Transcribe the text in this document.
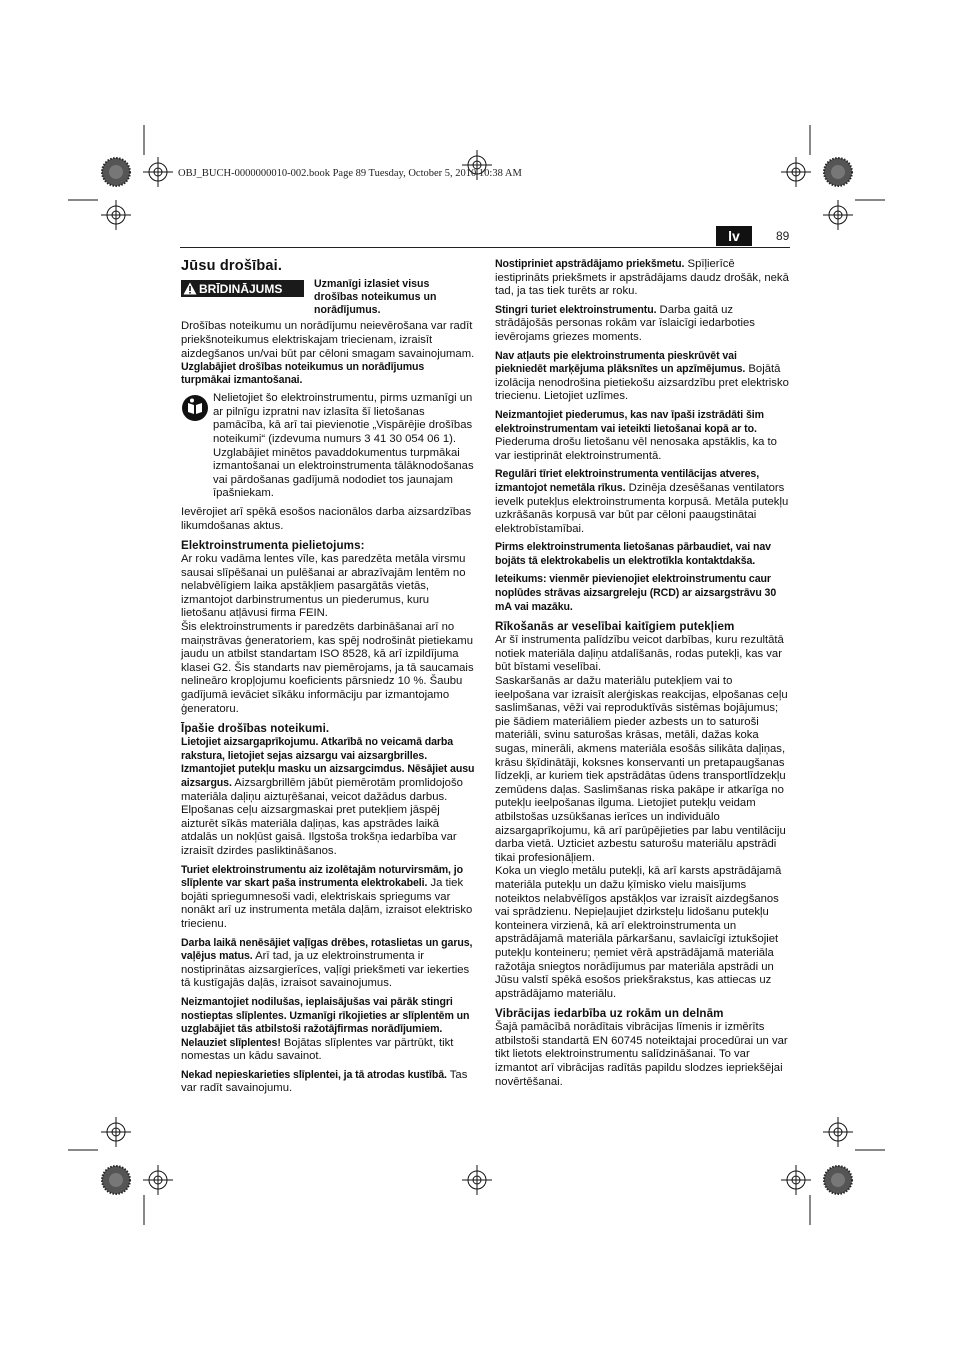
OBJ_BUCH-0000000010-002.book Page 89 Tuesday, October 5, 2010 10:38 AM
lv	89
Jūsu drošībai.
BRĪDINĀJUMS	Uzmanīgi izlasiet visus drošības noteikumus un norādījumus.

Drošības noteikumu un norādījumu neievērošana var radīt priekšnoteikumus elektriskajam triecienam, izraisīt aizdegšanos un/vai būt par cēloni smagam savainojumam.

Uzglabājiet drošības noteikumus un norādījumus turpmākai izmantošanai.

Nelietojiet šo elektroinstrumentu, pirms uzmanīgi un ar pilnīgu izpratni nav izlasīta šī lietošanas pamācība, kā arī tai pievienotie „Vispārējie drošības noteikumi“ (izdevuma numurs 3 41 30 054 06 1). Uzglabājiet minētos pavaddokumentus turpmākai izmantošanai un elektroinstrumenta tālāknodošanas vai pārdošanas gadījumā nododiet tos jaunajam īpašniekam.

Ievērojiet arī spēkā esošos nacionālos darba aizsardzības likumdošanas aktus.

Elektroinstrumenta pielietojums:

Ar roku vadāma lentes vīle, kas paredzēta metāla virsmu sausai slīpēšanai un pulēšanai ar abrazīvajām lentēm no nelabvēlīgiem laika apstākļiem pasargātās vietās, izmantojot darbinstrumentus un piederumus, kuru lietošanu atļāvusi firma FEIN.

Šis elektroinstruments ir paredzēts darbināšanai arī no maiņstrāvas ģeneratoriem, kas spēj nodrošināt pietiekamu jaudu un atbilst standartam ISO 8528, kā arī izpildījuma klasei G2. Šis standarts nav piemērojams, ja tā saucamais nelineāro kropļojumu koeficients pārsniedz 10 %. Šaubu gadījumā ievāciet sīkāku informāciju par izmantojamo ģeneratoru.

Īpašie drošības noteikumi.

Lietojiet aizsargaprīkojumu. Atkarībā no veicamā darba rakstura, lietojiet sejas aizsargu vai aizsargbrilles. Izmantojiet putekļu masku un aizsargcimdus. Nēsājiet ausu aizsargus. Aizsargbrillēm jābūt piemērotām promlidojošo materiāla daļiņu aiztuŗēšanai, veicot dažādus darbus. Elpošanas ceļu aizsargmaskai pret putekļiem jāspēj aizturēt sīkās materiāla daļiņas, kas apstrādes laikā atdalās un nokļūst gaisā. Ilgstoša trokšņa iedarbība var izraisīt dzirdes pasliktināšanos.

Turiet elektroinstrumentu aiz izolētajām noturvirsmām, jo slīplente var skart paša instrumenta elektrokabeli. Ja tiek bojāti spriegumnesoši vadi, elektriskais spriegums var nonākt arī uz instrumenta metāla daļām, izraisot elektrisko triecienu.

Darba laikā nenēsājiet vaļīgas drēbes, rotaslietas un garus, vaļējus matus. Arī tad, ja uz elektroinstrumenta ir nostiprinātas aizsargierīces, vaļīgi priekšmeti var iekerties tā kustīgajās daļās, izraisot savainojumus.

Neizmantojiet nodilušas, ieplaisājušas vai pārāk stingri nostieptas slīplentes. Uzmanīgi rīkojieties ar slīplentēm un uzglabājiet tās atbilstoši ražotājfirmas norādījumiem. Nelauziet slīplentes! Bojātas slīplentes var pārtrūkt, tikt nomestas un kādu savainot.

Nekad nepieskarieties slīplentei, ja tā atrodas kustībā. Tas var radīt savainojumu.

Nostipriniet apstrādājamo priekšmetu. Spīļierīcē iestiprināts priekšmets ir apstrādājams daudz drošāk, nekā tad, ja tas tiek turēts ar roku.

Stingri turiet elektroinstrumentu. Darba gaitā uz strādājošās personas rokām var īslaicīgi iedarboties ievērojams griezes moments.

Nav atļauts pie elektroinstrumenta pieskrūvēt vai piekniedēt marķējuma plāksnītes un apzīmējumus. Bojātā izolācija nenodrošina pietiekošu aizsardzību pret elektrisko triecienu. Lietojiet uzlīmes.

Neizmantojiet piederumus, kas nav īpaši izstrādāti šim elektroinstrumentam vai ieteikti lietošanai kopā ar to. Piederuma drošu lietošanu vēl nenosaka apstāklis, ka to var iestiprināt elektroinstrumentā.

Regulāri tīriet elektroinstrumenta ventilācijas atveres, izmantojot nemetāla rīkus. Dzinēja dzesēšanas ventilators ievelk putekļus elektroinstrumenta korpusā. Metāla putekļu uzkrāšanās korpusā var būt par cēloni paaugstinātai elektrobīstamībai.

Pirms elektroinstrumenta lietošanas pārbaudiet, vai nav bojāts tā elektrokabelis un elektrotīkla kontaktdakša.

Ieteikums: vienmēr pievienojiet elektroinstrumentu caur noplūdes strāvas aizsargreleju (RCD) ar aizsargstrāvu 30 mA vai mazāku.

Rīkošanās ar veselībai kaitīgiem putekļiem

Ar šī instrumenta palīdzību veicot darbības, kuru rezultātā notiek materiāla daļiņu atdalīšanās, rodas putekļi, kas var būt bīstami veselībai.

Saskaršanās ar dažu materiālu putekļiem vai to ieelpošana var izraisīt alerģiskas reakcijas, elpošanas ceļu saslimšanas, vēži vai reproduktīvās sistēmas bojājumus; pie šādiem materiāliem pieder azbests un to saturoši materiāli, svinu saturošas krāsas, metāli, dažas koka sugas, minerāli, akmens materiāla esošās silikāta daļiņas, krāsu šķīdinātāji, koksnes konservanti un pretapaugšanas līdzekļi, ar kuriem tiek apstrādātas ūdens transportlīdzekļu zemūdens daļas. Saslimšanas riska pakāpe ir atkarīga no putekļu ieelpošanas ilguma. Lietojiet putekļu veidam atbilstošas uzsūkšanas ierīces un individuālo aizsargaprīkojumu, kā arī parūpējieties par labu ventilāciju darba vietā. Uzticiet azbestu saturošu materiālu apstrādi tikai profesionāļiem.

Koka un vieglo metālu putekļi, kā arī karsts apstrādājamā materiāla putekļu un dažu ķīmisko vielu maisījums noteiktos nelabvēlīgos apstākļos var izraisīt aizdegšanos vai sprādzienu. Nepieļaujiet dzirksteļu lidošanu putekļu konteinera virzienā, kā arī elektroinstrumenta un apstrādājamā materiāla pārkaršanu, savlaicīgi iztukšojiet putekļu konteineru; ņemiet vērā apstrādājamā materiāla ražotāja sniegtos norādījumus par materiāla apstrādi un Jūsu valstī spēkā esošos priekšrakstus, kas attiecas uz apstrādājamo materiālu.

Vibrācijas iedarbība uz rokām un delnām

Šajā pamācībā norādītais vibrācijas līmenis ir izmērīts atbilstoši standartā EN 60745 noteiktajai procedūrai un var tikt lietots elektroinstrumentu salīdzināšanai. To var izmantot arī vibrācijas radītās papildu slodzes iepriekšējai novērtēšanai.
